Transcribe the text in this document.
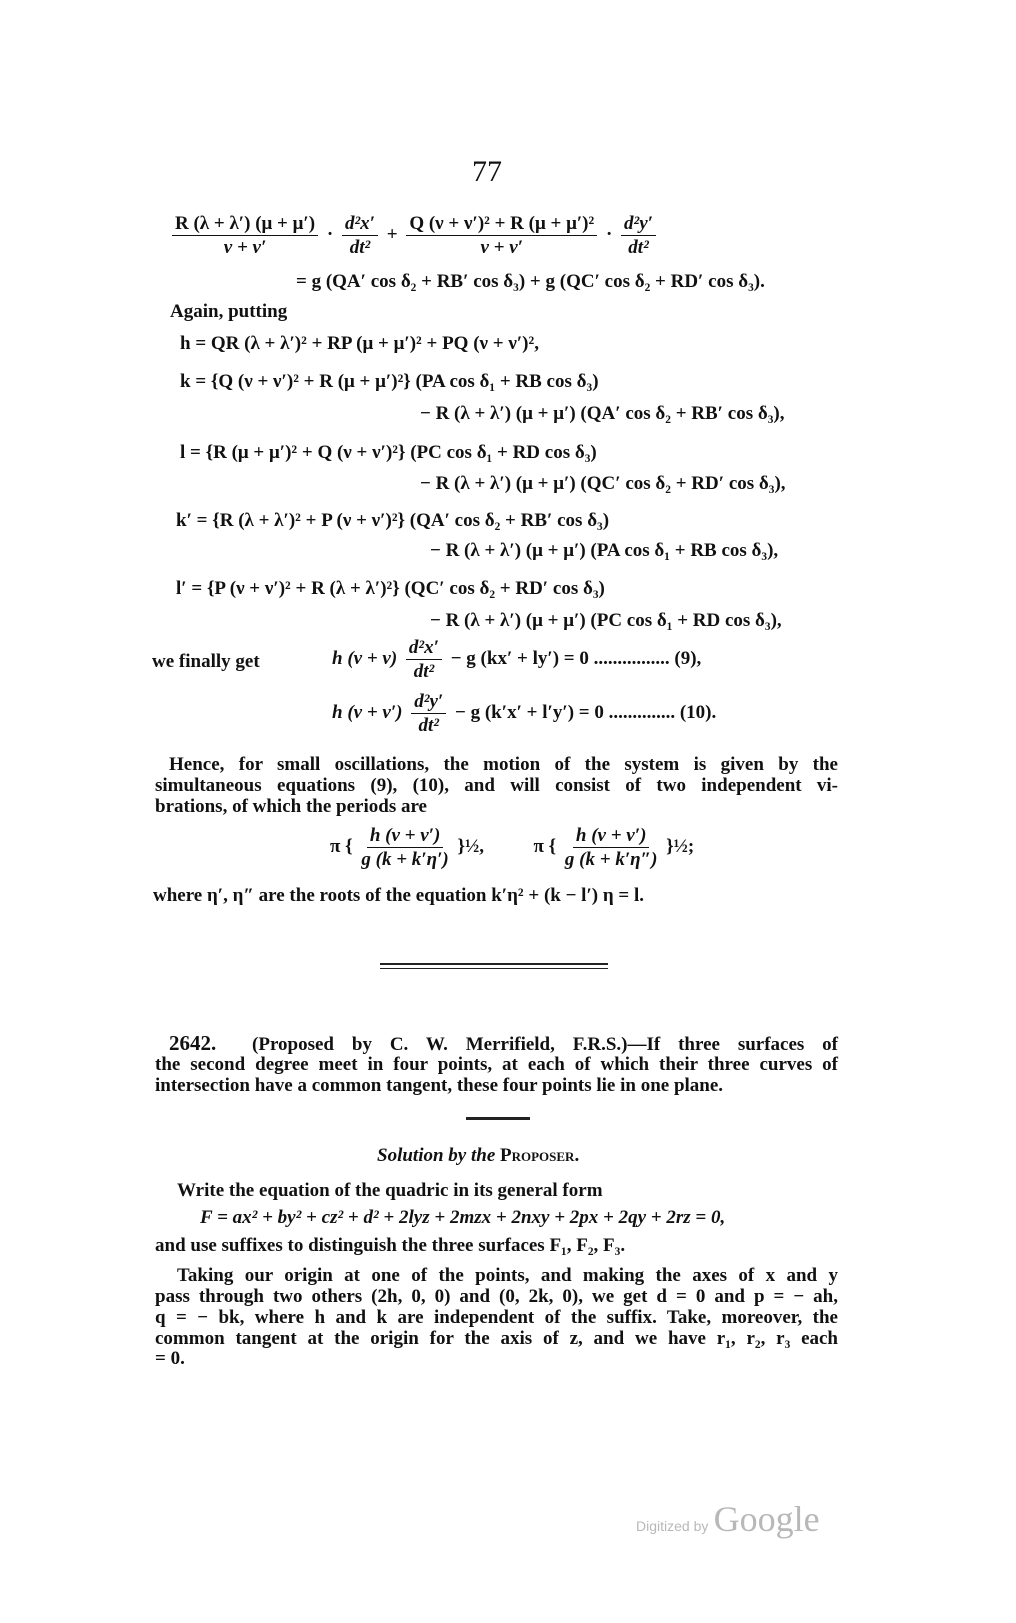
77
$\frac{R (\lambda + \lambda') (\mu + \mu')}{\nu + \nu'} \cdot \frac{\text{d²x′}}{\text{dt²}} + \frac{\text{Q (ν + ν′)² + R (μ + μ′)²}}{\nu + \nu'} \cdot \frac{\text{d²y′}}{\text{dt²}}$
= g (QA′ cos δ₂ + RB′ cos δ₃) + g (QC′ cos δ₂ + RD′ cos δ₃).
Again, putting
h = QR (λ + λ′)² + RP (μ + μ′)² + PQ (ν + ν′)²,
k = {Q (ν + ν′)² + R (μ + μ′)²} (PA cos δ₁ + RB cos δ₃)
− R (λ + λ′) (μ + μ′) (QA′ cos δ₂ + RB′ cos δ₃),
l = {R (μ + μ′)² + Q (ν + ν′)²} (PC cos δ₁ + RD cos δ₃)
− R (λ + λ′) (μ + μ′) (QC′ cos δ₂ + RD′ cos δ₃),
k′ = {R (λ + λ′)² + P (ν + ν′)²} (QA′ cos δ₂ + RB′ cos δ₃)
− R (λ + λ′) (μ + μ′) (PA cos δ₁ + RB cos δ₃),
l′ = {P (ν + ν′)² + R (λ + λ′)²} (QC′ cos δ₂ + RD′ cos δ₃)
− R (λ + λ′) (μ + μ′) (PC cos δ₁ + RD cos δ₃),
we finally get	h $(\nu + \nu) \frac{\text{d²x′}}{\text{dt²}} - g$ (kx′ + ly′) = 0 ................ (9),
h $(\nu + \nu') \frac{\text{d²y′}}{\text{dt²}} - g$ (k′x′ + l′y′) = 0 .............. (10).
Hence, for small oscillations, the motion of the system is given by the
simultaneous equations (9), (10), and will consist of two independent vi-
brations, of which the periods are
π { $\frac{h (\nu + \nu')}{g (k + k'\eta')}$ }½,	π { $\frac{h (\nu + \nu')}{g (k + k'\eta'')}$ }½;
where η′, η″ are the roots of the equation k′η² + (k − l′) η = l.
2642. (Proposed by C. W. Merrifield, F.R.S.)—If three surfaces of
the second degree meet in four points, at each of which their three curves of
intersection have a common tangent, these four points lie in one plane.
Solution by the Proposer.
Write the equation of the quadric in its general form
F = ax² + by² + cz² + d² + 2lyz + 2mzx + 2nxy + 2px + 2qy + 2rz = 0,
and use suffixes to distinguish the three surfaces F₁, F₂, F₃.
Taking our origin at one of the points, and making the axes of x and y
pass through two others (2h, 0, 0) and (0, 2k, 0), we get d = 0 and p = − ah,
q = − bk, where h and k are independent of the suffix. Take, moreover, the
common tangent at the origin for the axis of z, and we have r₁, r₂, r₃ each
= 0.
Digitized by Google
